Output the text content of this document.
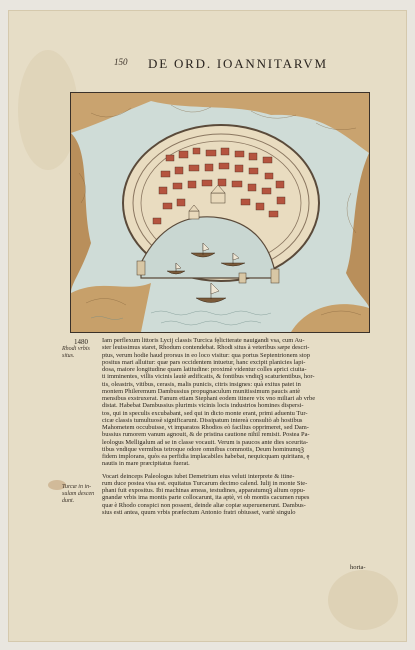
150 DE ORD. IOANNITARVM
1480
Rhodi vrbis
situs.
Turcæ in in-
sulam descen
dunt.

Iam perflexum littoris Lycij classis Turcica fęliciterate nauigandi vsa, cum Au-
ster leuissimus staret, Rhodum contendebat. Rhodi situs à veteribus sæpe descri-
ptus, verum hodie haud prorsus in eo loco visitur: qua portus Septentrionem stop
positus mari alluitur: quæ pars occidentem intuetur, hanc excipit planicies lapi-
dosa, maiore longitudine quam latitudine: proximè videntur colles aprici ciuita-
ti imminentes, villis vicinis lautè ædificatis, & fontibus vndiqꝫ scaturientibus, hor-
tis, oleastris, vitibus, cerasis, malis punicis, citris insignes: quà exitus patet in
montem Phileremum Dambussius propugnaculum munitissimum paucis antè
mensibus exstruxerat. Fanum etiam Stephani eodem itinere vix vno miliari ab vrbe
distat. Habebat Dambussius plurimis vicinis locis industrios homines dispersi-
tos, qui in speculis excubabant, sed qui in dicto monte erant, primi aduentu Tur-
cicæ classis tumultuosè significarunt. Dissipatum intereà consultò ab hostibus
Mahometem occubuisse, vt imparatos Rhodios eò facilius opprimeret, sed Dam-
bussius rumorem vanum agnouit, & de pristina cautione nihil remisit. Postea Pa-
leologus Melligalum ad se in classe vocauit. Verum is paucos ante dies sceurita-
tibus vndique vermibus tetroque odore omnibus commotis, Deum hominumqꝫ
fidem implorans, quòs ea perfidia implacabiles habebat, nequicquam quiritans, ę
nautis in mare præcipitatus fuerat.

Vocari deinceps Paleologus iubet Demetrium eius veluti interprete & itine-
rum duce postea visa est. equitatus Turcarum decimo calend. Iulij in monte Ste-
phani fuit expositus. Ibi machinas æneas, testudines, apparatumqꝫ alium oppu-
gnandæ vrbis ima montis parte collocarunt, ita aptè, vt ob montis cacumen rupes
quæ è Rhodo conspici non possent, deinde aliæ copiæ superuenerunt. Dambus-
sius esti antea, quum vrbis præfectum Antonio fratri obiusset, variè singulo

horta-
